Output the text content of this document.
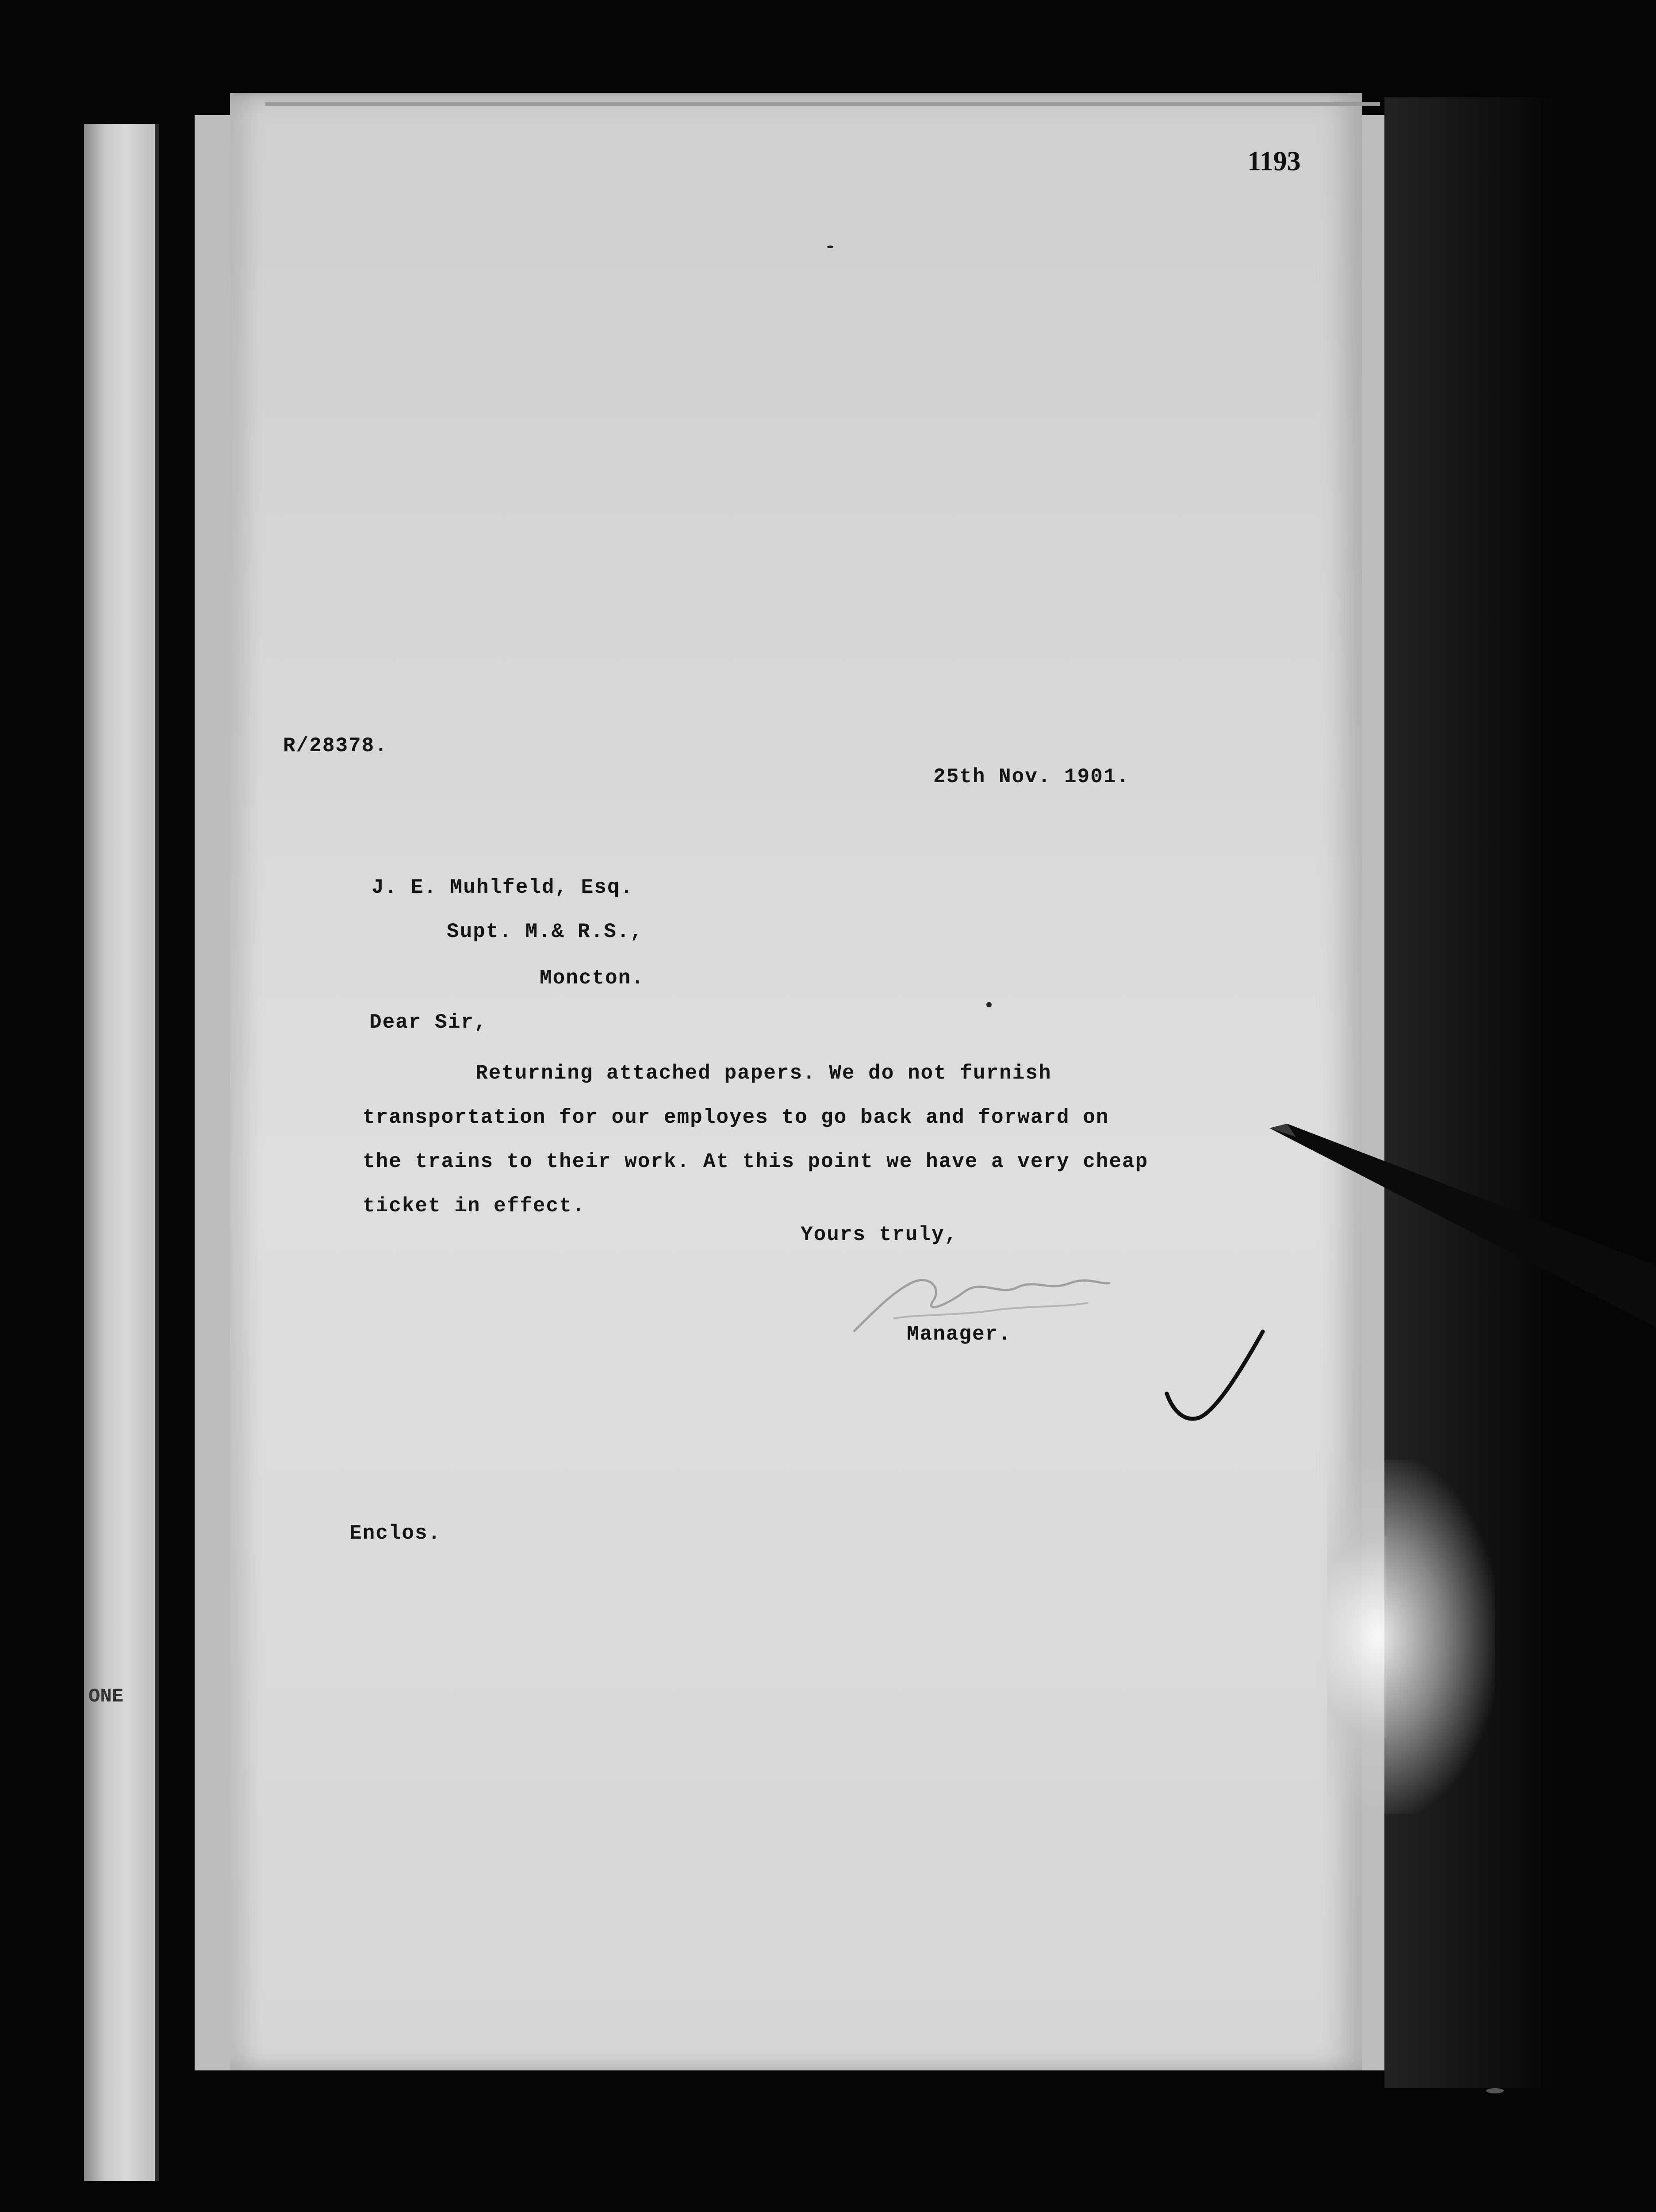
ONE
1193
R/28378.
25th Nov. 1901.
J. E. Muhlfeld, Esq.
Supt. M.& R.S.,
Moncton.
Dear Sir,
Returning attached papers. We do not furnish
transportation for our employes to go back and forward on
the trains to their work. At this point we have a very cheap
ticket in effect.
Yours truly,
Manager.
Enclos.
